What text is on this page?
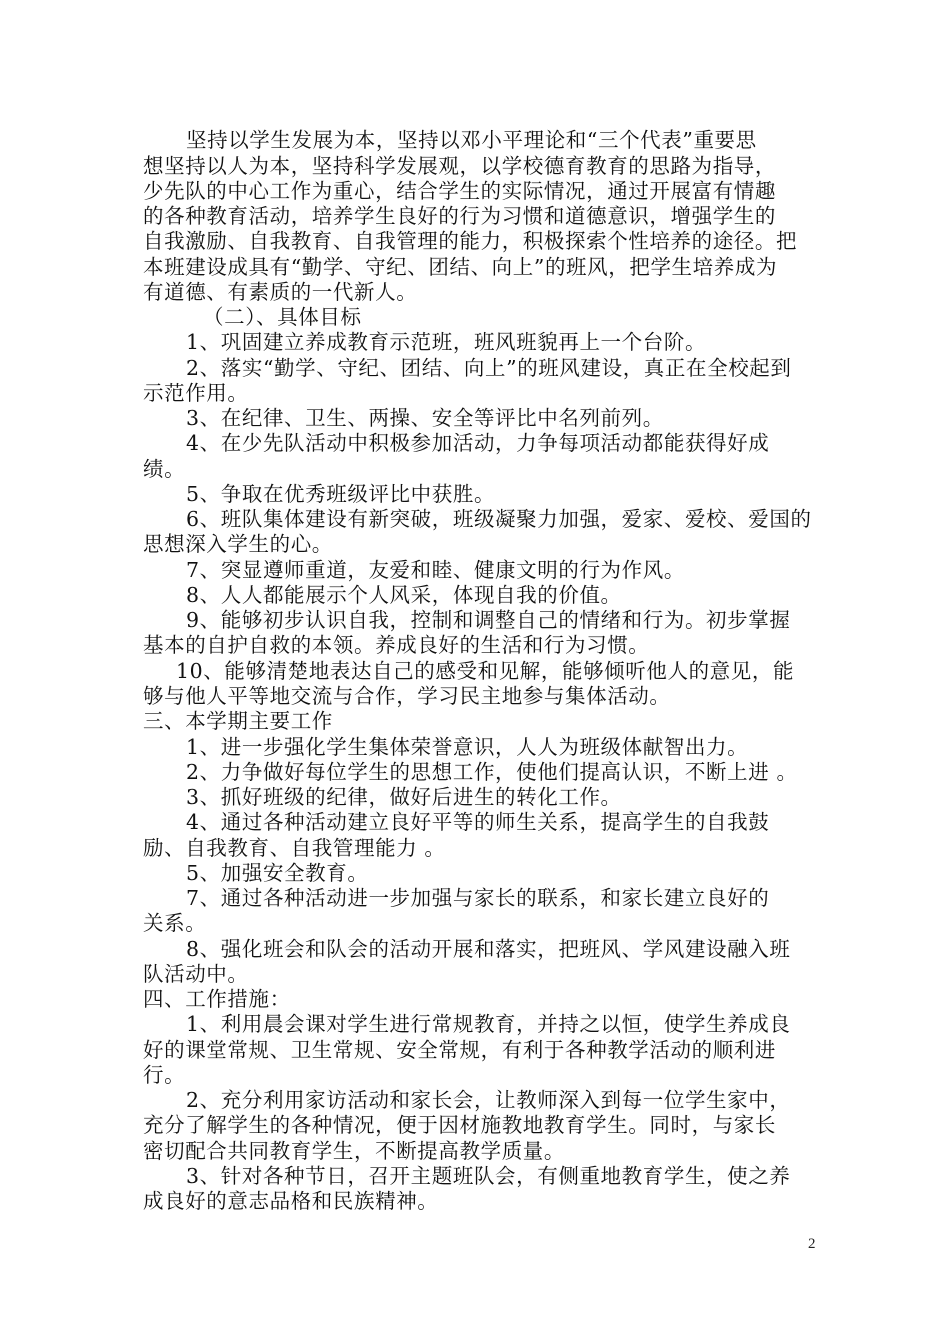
坚持以学生发展为本，坚持以邓小平理论和“三个代表”重要思
想坚持以人为本，坚持科学发展观，以学校德育教育的思路为指导，
少先队的中心工作为重心，结合学生的实际情况，通过开展富有情趣
的各种教育活动，培养学生良好的行为习惯和道德意识，增强学生的
自我激励、自我教育、自我管理的能力，积极探索个性培养的途径。把
本班建设成具有“勤学、守纪、团结、向上”的班风，把学生培养成为
有道德、有素质的一代新人。
（二）、具体目标
1、巩固建立养成教育示范班，班风班貌再上一个台阶。
2、落实“勤学、守纪、团结、向上”的班风建设，真正在全校起到
示范作用。
3、在纪律、卫生、两操、安全等评比中名列前列。
4、在少先队活动中积极参加活动，力争每项活动都能获得好成
绩。
5、争取在优秀班级评比中获胜。
6、班队集体建设有新突破，班级凝聚力加强，爱家、爱校、爱国的
思想深入学生的心。
7、突显遵师重道，友爱和睦、健康文明的行为作风。
8、人人都能展示个人风采，体现自我的价值。
9、能够初步认识自我，控制和调整自己的情绪和行为。初步掌握
基本的自护自救的本领。养成良好的生活和行为习惯。
10、能够清楚地表达自己的感受和见解，能够倾听他人的意见，能
够与他人平等地交流与合作，学习民主地参与集体活动。
三、本学期主要工作
1、进一步强化学生集体荣誉意识，人人为班级体献智出力。
2、力争做好每位学生的思想工作，使他们提高认识，不断上进 。
3、抓好班级的纪律，做好后进生的转化工作。
4、通过各种活动建立良好平等的师生关系，提高学生的自我鼓
励、自我教育、自我管理能力 。
5、加强安全教育。
7、通过各种活动进一步加强与家长的联系，和家长建立良好的
关系。
8、强化班会和队会的活动开展和落实，把班风、学风建设融入班
队活动中。
四、工作措施：
1、利用晨会课对学生进行常规教育，并持之以恒，使学生养成良
好的课堂常规、卫生常规、安全常规，有利于各种教学活动的顺利进
行。
2、充分利用家访活动和家长会，让教师深入到每一位学生家中，
充分了解学生的各种情况，便于因材施教地教育学生。同时，与家长
密切配合共同教育学生，不断提高教学质量。
3、针对各种节日，召开主题班队会，有侧重地教育学生，使之养
成良好的意志品格和民族精神。
2
